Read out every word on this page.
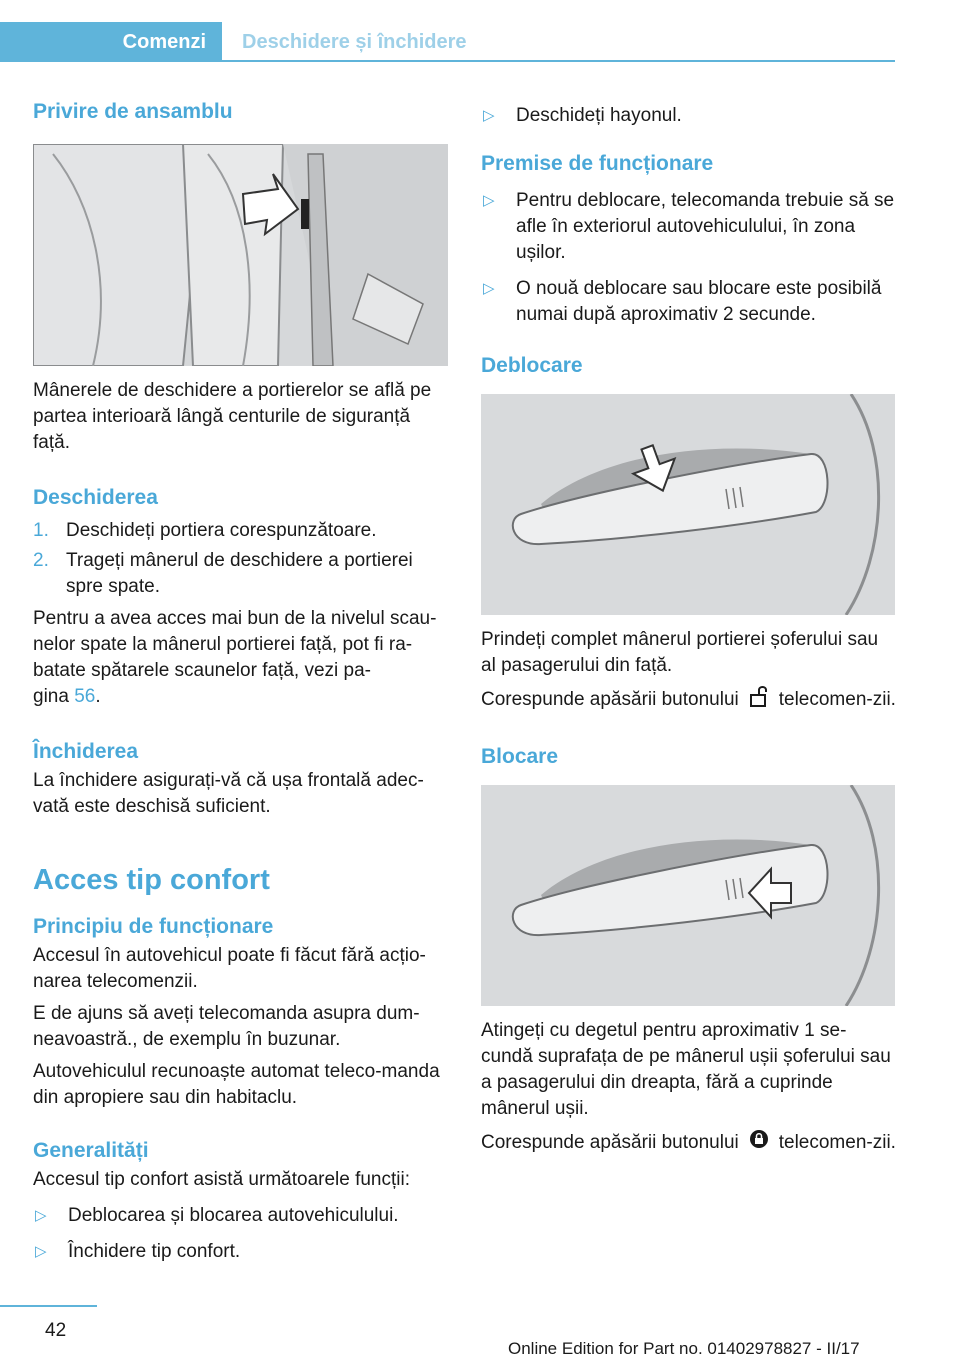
Comenzi	Deschidere și închidere
Privire de ansamblu

Mânerele de deschidere a portierelor se află pe partea interioară lângă centurile de siguranță față.

Deschiderea
1. Deschideți portiera corespunzătoare.
2. Trageți mânerul de deschidere a portierei spre spate.

Pentru a avea acces mai bun de la nivelul scau-
nelor spate la mânerul portierei față, pot fi ra-
batate spătarele scaunelor față, vezi pa-
gina 56.

Închiderea

La închidere asigurați-vă că ușa frontală adec-vată este deschisă suficient.

Acces tip confort
Principiu de funcționare

Accesul în autovehicul poate fi făcut fără acțio-narea telecomenzii.

E de ajuns să aveți telecomanda asupra dum-neavoastră., de exemplu în buzunar.

Autovehiculul recunoaște automat teleco-manda din apropiere sau din habitaclu.

Generalități

Accesul tip confort asistă următoarele funcții:

▷	Deblocarea și blocarea autovehiculului.
▷	Închidere tip confort.
▷	Deschideți hayonul.
Premise de funcționare
▷	Pentru deblocare, telecomanda trebuie să se afle în exteriorul autovehiculului, în zona ușilor.
▷	O nouă deblocare sau blocare este posibilă numai după aproximativ 2 secunde.
Deblocare

Prindeți complet mânerul portierei șoferului sau al pasagerului din față.

Corespunde apăsării butonului telecomen-zii.

Blocare

Atingeți cu degetul pentru aproximativ 1 se-cundă suprafața de pe mânerul ușii șoferului sau a pasagerului din dreapta, fără a cuprinde mânerul ușii.

Corespunde apăsării butonului telecomen-zii.

42
Online Edition for Part no. 01402978827 - II/17
